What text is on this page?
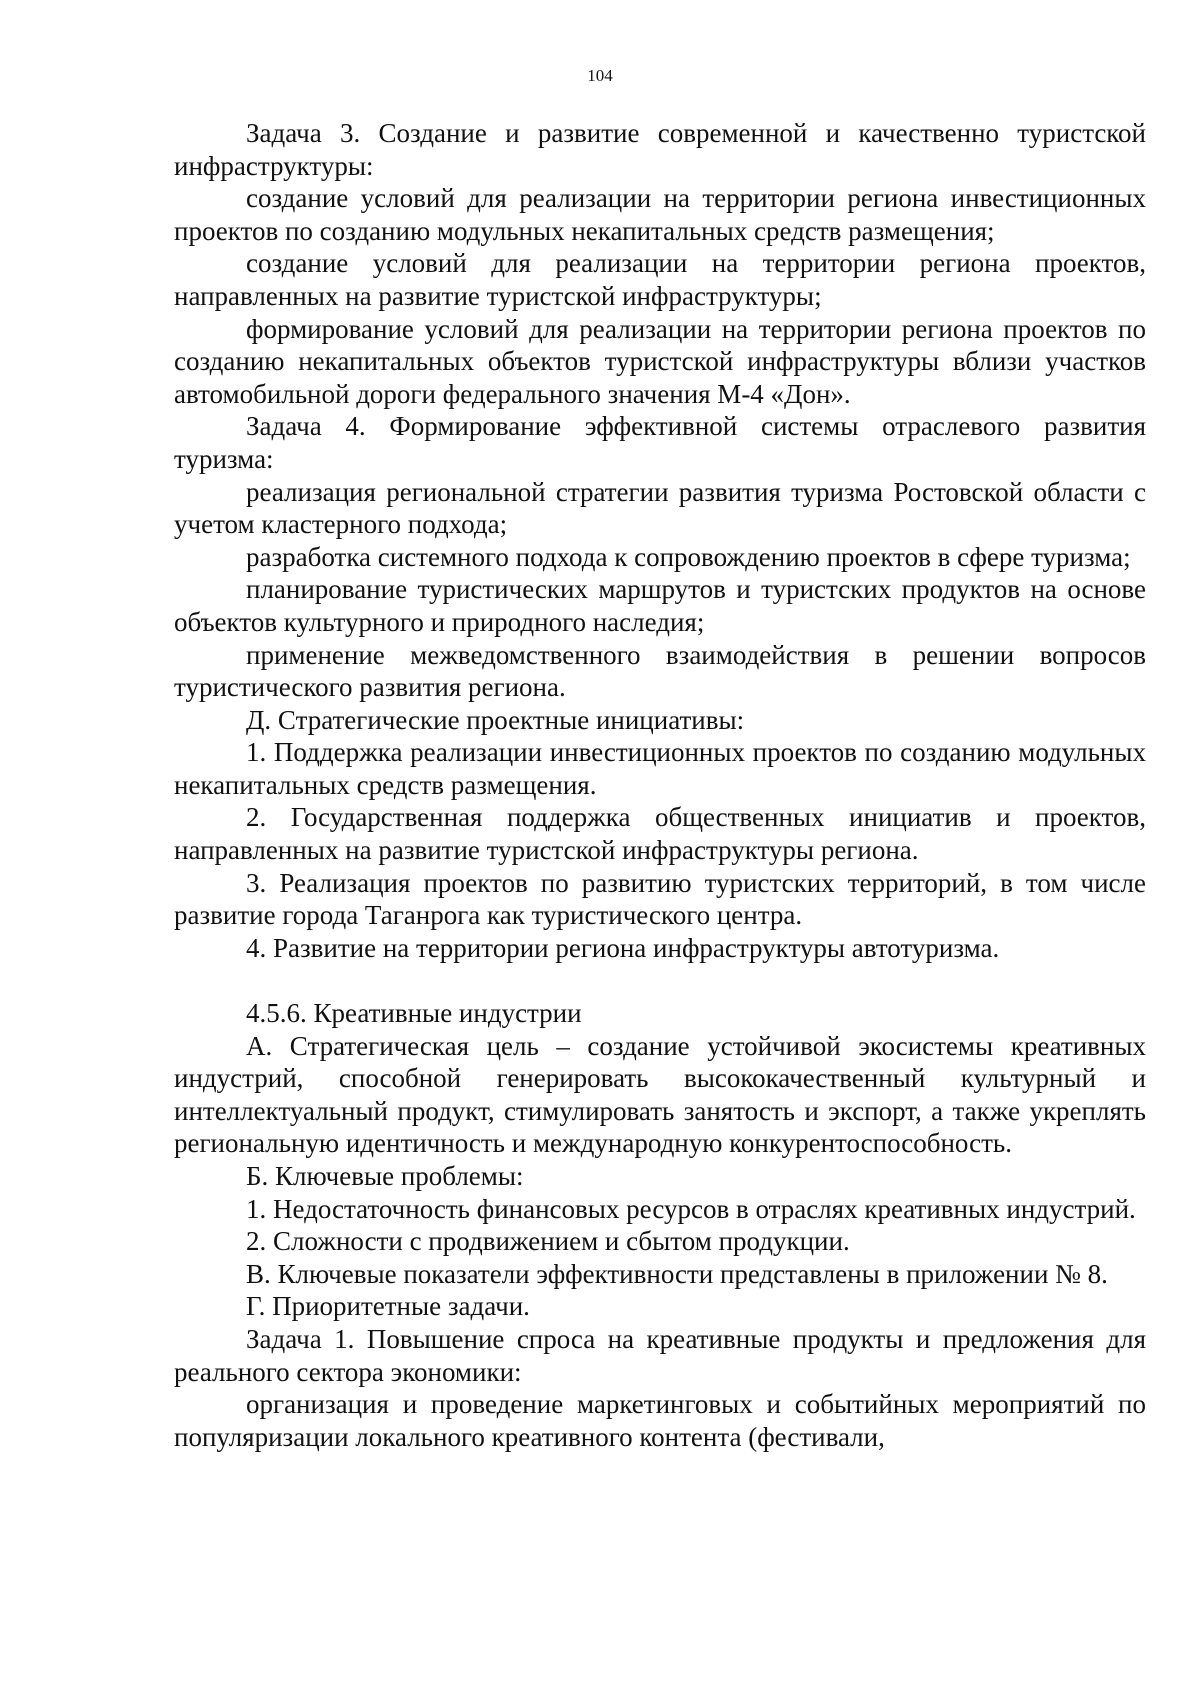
104

Задача 3. Создание и развитие современной и качественно туристской инфраструктуры:

создание условий для реализации на территории региона инвестиционных проектов по созданию модульных некапитальных средств размещения;

создание условий для реализации на территории региона проектов, направленных на развитие туристской инфраструктуры;

формирование условий для реализации на территории региона проектов по созданию некапитальных объектов туристской инфраструктуры вблизи участков автомобильной дороги федерального значения М-4 «Дон».

Задача 4. Формирование эффективной системы отраслевого развития туризма:

реализация региональной стратегии развития туризма Ростовской области с учетом кластерного подхода;

разработка системного подхода к сопровождению проектов в сфере туризма;

планирование туристических маршрутов и туристских продуктов на основе объектов культурного и природного наследия;

применение межведомственного взаимодействия в решении вопросов туристического развития региона.

Д. Стратегические проектные инициативы:

1. Поддержка реализации инвестиционных проектов по созданию модульных некапитальных средств размещения.

2. Государственная поддержка общественных инициатив и проектов, направленных на развитие туристской инфраструктуры региона.

3. Реализация проектов по развитию туристских территорий, в том числе развитие города Таганрога как туристического центра.

4. Развитие на территории региона инфраструктуры автотуризма.

4.5.6. Креативные индустрии

А. Стратегическая цель – создание устойчивой экосистемы креативных индустрий, способной генерировать высококачественный культурный и интеллектуальный продукт, стимулировать занятость и экспорт, а также укреплять региональную идентичность и международную конкурентоспособность.

Б. Ключевые проблемы:

1. Недостаточность финансовых ресурсов в отраслях креативных индустрий.

2. Сложности с продвижением и сбытом продукции.

В. Ключевые показатели эффективности представлены в приложении № 8.

Г. Приоритетные задачи.

Задача 1. Повышение спроса на креативные продукты и предложения для реального сектора экономики:

организация и проведение маркетинговых и событийных мероприятий по популяризации локального креативного контента (фестивали,
